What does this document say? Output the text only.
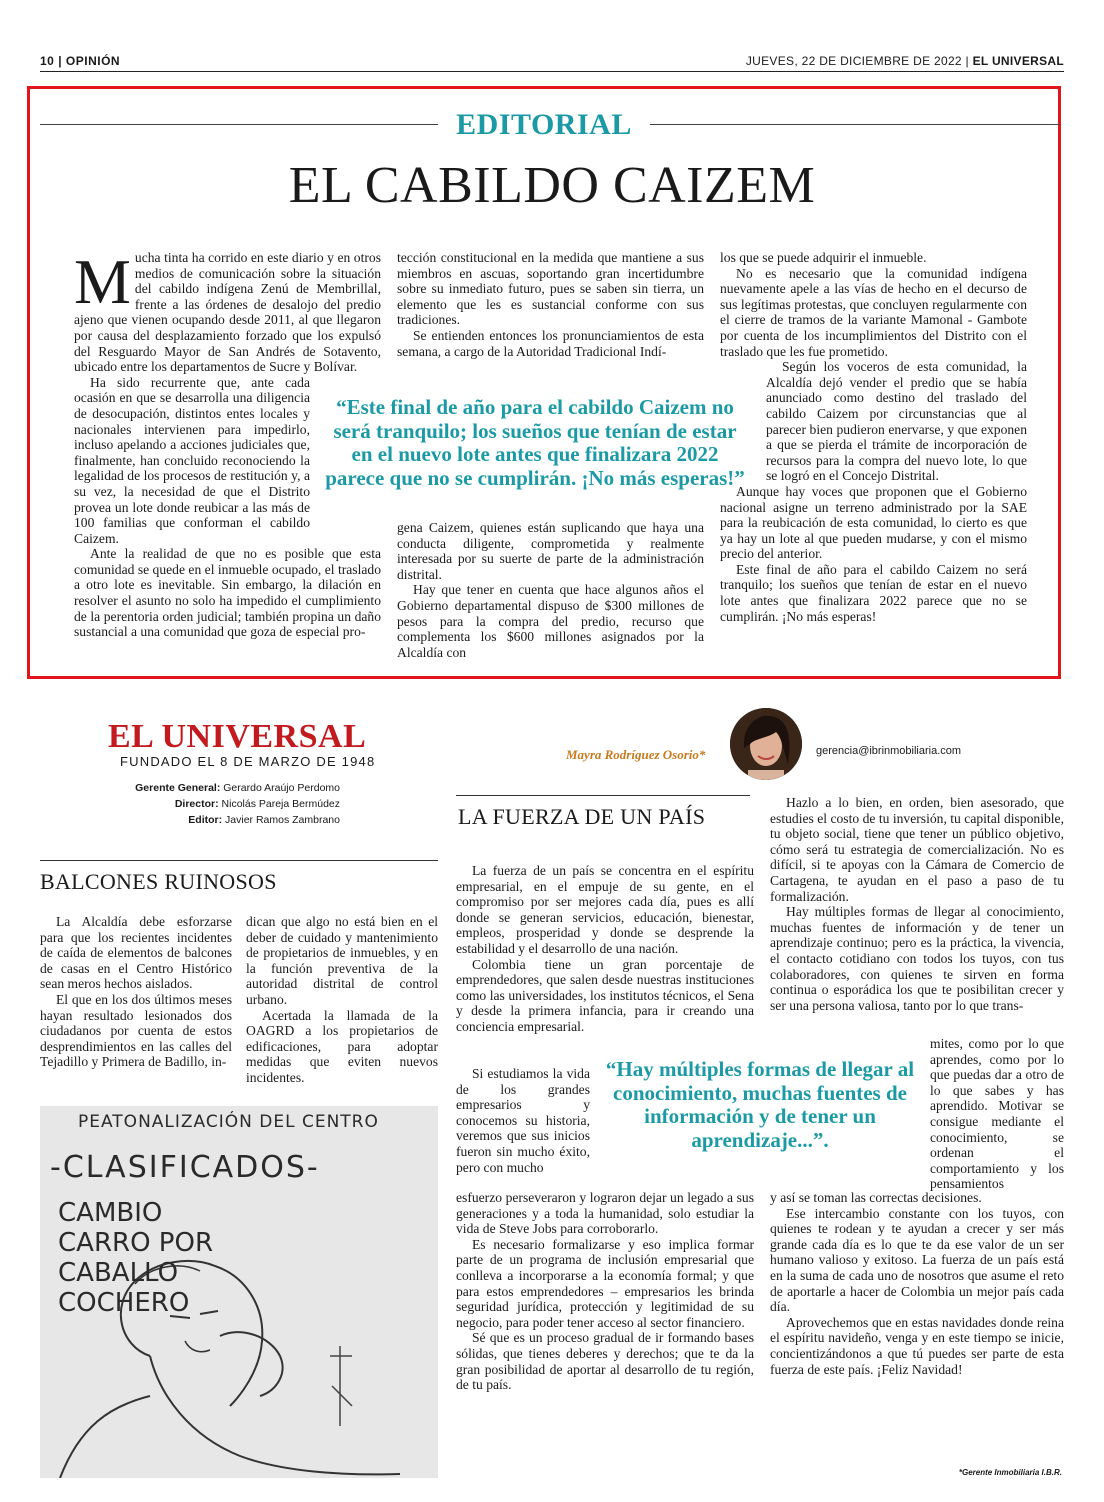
10 | OPINIÓN	JUEVES, 22 DE DICIEMBRE DE 2022 | EL UNIVERSAL
EDITORIAL
EL CABILDO CAIZEM
M ucha tinta ha corrido en este diario y en otros medios de comunicación sobre la situación del cabildo indígena Zenú de Membrillal, frente a las órdenes de desalojo del predio ajeno que vienen ocupando desde 2011, al que llegaron por causa del desplazamiento forzado que los expulsó del Resguardo Mayor de San Andrés de Sotavento, ubicado entre los departamentos de Sucre y Bolívar.
Ha sido recurrente que, ante cada ocasión en que se desarrolla una diligencia de desocupación, distintos entes locales y nacionales intervienen para impedirlo, incluso apelando a acciones judiciales que, finalmente, han concluido reconociendo la legalidad de los procesos de restitución y, a su vez, la necesidad de que el Distrito provea un lote donde reubicar a las más de 100 familias que conforman el cabildo Caizem.
Ante la realidad de que no es posible que esta comunidad se quede en el inmueble ocupado, el traslado a otro lote es inevitable. Sin embargo, la dilación en resolver el asunto no solo ha impedido el cumplimiento de la perentoria orden judicial; también propina un daño sustancial a una comunidad que goza de especial pro-
tección constitucional en la medida que mantiene a sus miembros en ascuas, soportando gran incertidumbre sobre su inmediato futuro, pues se saben sin tierra, un elemento que les es sustancial conforme con sus tradiciones.
Se entienden entonces los pronunciamientos de esta semana, a cargo de la Autoridad Tradicional Indí-
“Este final de año para el cabildo Caizem no será tranquilo; los sueños que tenían de estar en el nuevo lote antes que finalizara 2022 parece que no se cumplirán. ¡No más esperas!”
gena Caizem, quienes están suplicando que haya una conducta diligente, comprometida y realmente interesada por su suerte de parte de la administración distrital.
Hay que tener en cuenta que hace algunos años el Gobierno departamental dispuso de $300 millones de pesos para la compra del predio, recurso que complementa los $600 millones asignados por la Alcaldía con
los que se puede adquirir el inmueble.
No es necesario que la comunidad indígena nuevamente apele a las vías de hecho en el decurso de sus legítimas protestas, que concluyen regularmente con el cierre de tramos de la variante Mamonal - Gambote por cuenta de los incumplimientos del Distrito con el traslado que les fue prometido.
Según los voceros de esta comunidad, la Alcaldía dejó vender el predio que se había anunciado como destino del traslado del cabildo Caizem por circunstancias que al parecer bien pudieron enervarse, y que exponen a que se pierda el trámite de incorporación de recursos para la compra del nuevo lote, lo que se logró en el Concejo Distrital.
Aunque hay voces que proponen que el Gobierno nacional asigne un terreno administrado por la SAE para la reubicación de esta comunidad, lo cierto es que ya hay un lote al que pueden mudarse, y con el mismo precio del anterior.
Este final de año para el cabildo Caizem no será tranquilo; los sueños que tenían de estar en el nuevo lote antes que finalizara 2022 parece que no se cumplirán. ¡No más esperas!
EL UNIVERSAL
FUNDADO EL 8 DE MARZO DE 1948
Gerente General: Gerardo Araújo Perdomo
Director: Nicolás Pareja Bermúdez
Editor: Javier Ramos Zambrano
BALCONES RUINOSOS
La Alcaldía debe esforzarse para que los recientes incidentes de caída de elementos de balcones de casas en el Centro Histórico sean meros hechos aislados.
El que en los dos últimos meses hayan resultado lesionados dos ciudadanos por cuenta de estos desprendimientos en las calles del Tejadillo y Primera de Badillo, in-
dican que algo no está bien en el deber de cuidado y mantenimiento de propietarios de inmuebles, y en la función preventiva de la autoridad distrital de control urbano.
Acertada la llamada de la OAGRD a los propietarios de edificaciones, para adoptar medidas que eviten nuevos incidentes.
PEATONALIZACIÓN DEL CENTRO
-CLASIFICADOS-
CAMBIO
CARRO POR
CABALLO
COCHERO
Mayra Rodríguez Osorio*	gerencia@ibrinmobiliaria.com
LA FUERZA DE UN PAÍS
La fuerza de un país se concentra en el espíritu empresarial, en el empuje de su gente, en el compromiso por ser mejores cada día, pues es allí donde se generan servicios, educación, bienestar, empleos, prosperidad y donde se desprende la estabilidad y el desarrollo de una nación.
Colombia tiene un gran porcentaje de emprendedores, que salen desde nuestras instituciones como las universidades, los institutos técnicos, el Sena y desde la primera infancia, para ir creando una conciencia empresarial.
Si estudiamos la vida de los grandes empresarios y conocemos su historia, veremos que sus inicios fueron sin mucho éxito, pero con mucho
“Hay múltiples formas de llegar al conocimiento, muchas fuentes de información y de tener un aprendizaje...”.
esfuerzo perseveraron y lograron dejar un legado a sus generaciones y a toda la humanidad, solo estudiar la vida de Steve Jobs para corroborarlo.
Es necesario formalizarse y eso implica formar parte de un programa de inclusión empresarial que conlleva a incorporarse a la economía formal; y que para estos emprendedores – empresarios les brinda seguridad jurídica, protección y legitimidad de su negocio, para poder tener acceso al sector financiero.
Sé que es un proceso gradual de ir formando bases sólidas, que tienes deberes y derechos; que te da la gran posibilidad de aportar al desarrollo de tu región, de tu país.
Hazlo a lo bien, en orden, bien asesorado, que estudies el costo de tu inversión, tu capital disponible, tu objeto social, tiene que tener un público objetivo, cómo será tu estrategia de comercialización. No es difícil, si te apoyas con la Cámara de Comercio de Cartagena, te ayudan en el paso a paso de tu formalización.
Hay múltiples formas de llegar al conocimiento, muchas fuentes de información y de tener un aprendizaje continuo; pero es la práctica, la vivencia, el contacto cotidiano con todos los tuyos, con tus colaboradores, con quienes te sirven en forma continua o esporádica los que te posibilitan crecer y ser una persona valiosa, tanto por lo que trans-
mites, como por lo que aprendes, como por lo que puedas dar a otro de lo que sabes y has aprendido. Motivar se consigue mediante el conocimiento, se ordenan el comportamiento y los pensamientos
y así se toman las correctas decisiones.
Ese intercambio constante con los tuyos, con quienes te rodean y te ayudan a crecer y ser más grande cada día es lo que te da ese valor de un ser humano valioso y exitoso. La fuerza de un país está en la suma de cada uno de nosotros que asume el reto de aportarle a hacer de Colombia un mejor país cada día.
Aprovechemos que en estas navidades donde reina el espíritu navideño, venga y en este tiempo se inicie, concientizándonos a que tú puedes ser parte de esta fuerza de este país. ¡Feliz Navidad!
*Gerente Inmobiliaria I.B.R.
